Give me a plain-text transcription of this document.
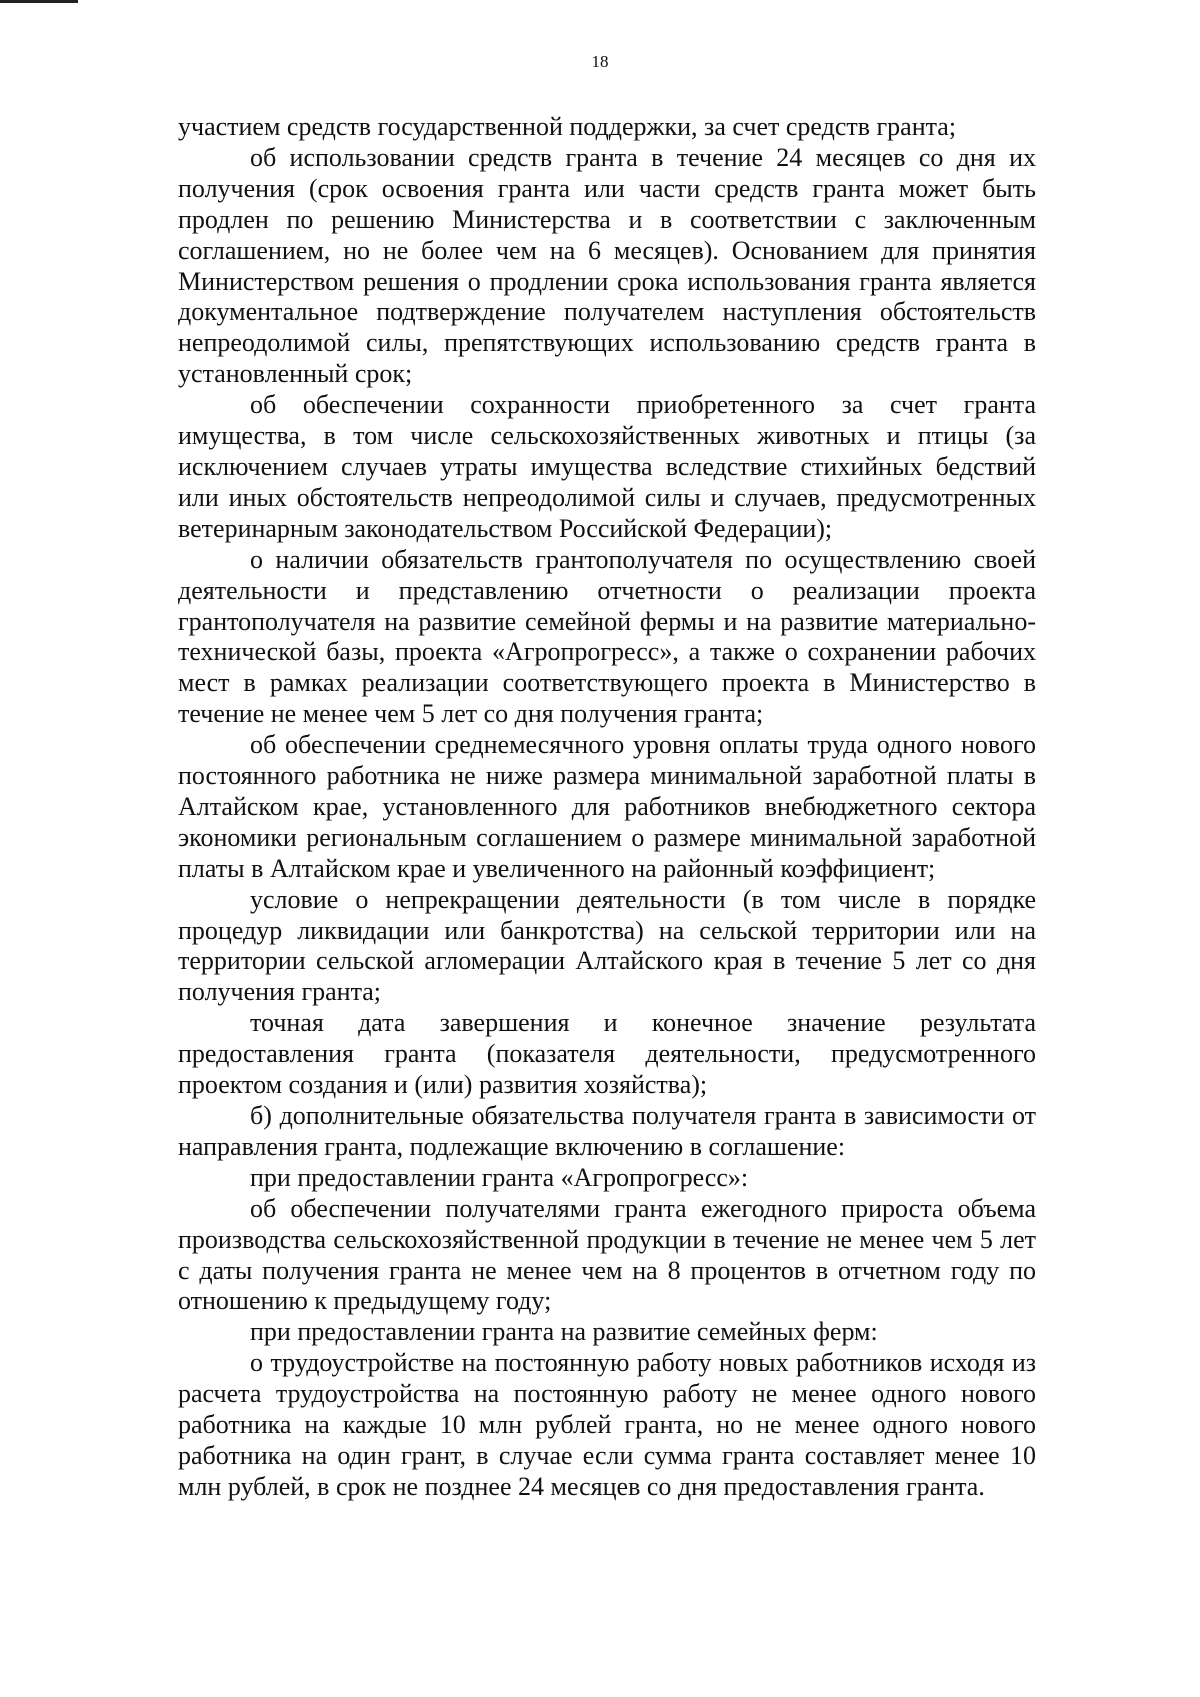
18

участием средств государственной поддержки, за счет средств гранта;

об использовании средств гранта в течение 24 месяцев со дня их получения (срок освоения гранта или части средств гранта может быть продлен по решению Министерства и в соответствии с заключенным соглашением, но не более чем на 6 месяцев). Основанием для принятия Министерством решения о продлении срока использования гранта является документальное подтверждение получателем наступления обстоятельств непреодолимой силы, препятствующих использованию средств гранта в установленный срок;

об обеспечении сохранности приобретенного за счет гранта имущества, в том числе сельскохозяйственных животных и птицы (за исключением случаев утраты имущества вследствие стихийных бедствий или иных обстоятельств непреодолимой силы и случаев, предусмотренных ветеринарным законодательством Российской Федерации);

о наличии обязательств грантополучателя по осуществлению своей деятельности и представлению отчетности о реализации проекта грантополучателя на развитие семейной фермы и на развитие материально-технической базы, проекта «Агропрогресс», а также о сохранении рабочих мест в рамках реализации соответствующего проекта в Министерство в течение не менее чем 5 лет со дня получения гранта;

об обеспечении среднемесячного уровня оплаты труда одного нового постоянного работника не ниже размера минимальной заработной платы в Алтайском крае, установленного для работников внебюджетного сектора экономики региональным соглашением о размере минимальной заработной платы в Алтайском крае и увеличенного на районный коэффициент;

условие о непрекращении деятельности (в том числе в порядке процедур ликвидации или банкротства) на сельской территории или на территории сельской агломерации Алтайского края в течение 5 лет со дня получения гранта;

точная дата завершения и конечное значение результата предоставления гранта (показателя деятельности, предусмотренного проектом создания и (или) развития хозяйства);

б) дополнительные обязательства получателя гранта в зависимости от направления гранта, подлежащие включению в соглашение:

при предоставлении гранта «Агропрогресс»:

об обеспечении получателями гранта ежегодного прироста объема производства сельскохозяйственной продукции в течение не менее чем 5 лет с даты получения гранта не менее чем на 8 процентов в отчетном году по отношению к предыдущему году;

при предоставлении гранта на развитие семейных ферм:

о трудоустройстве на постоянную работу новых работников исходя из расчета трудоустройства на постоянную работу не менее одного нового работника на каждые 10 млн рублей гранта, но не менее одного нового работника на один грант, в случае если сумма гранта составляет менее 10 млн рублей, в срок не позднее 24 месяцев со дня предоставления гранта.
